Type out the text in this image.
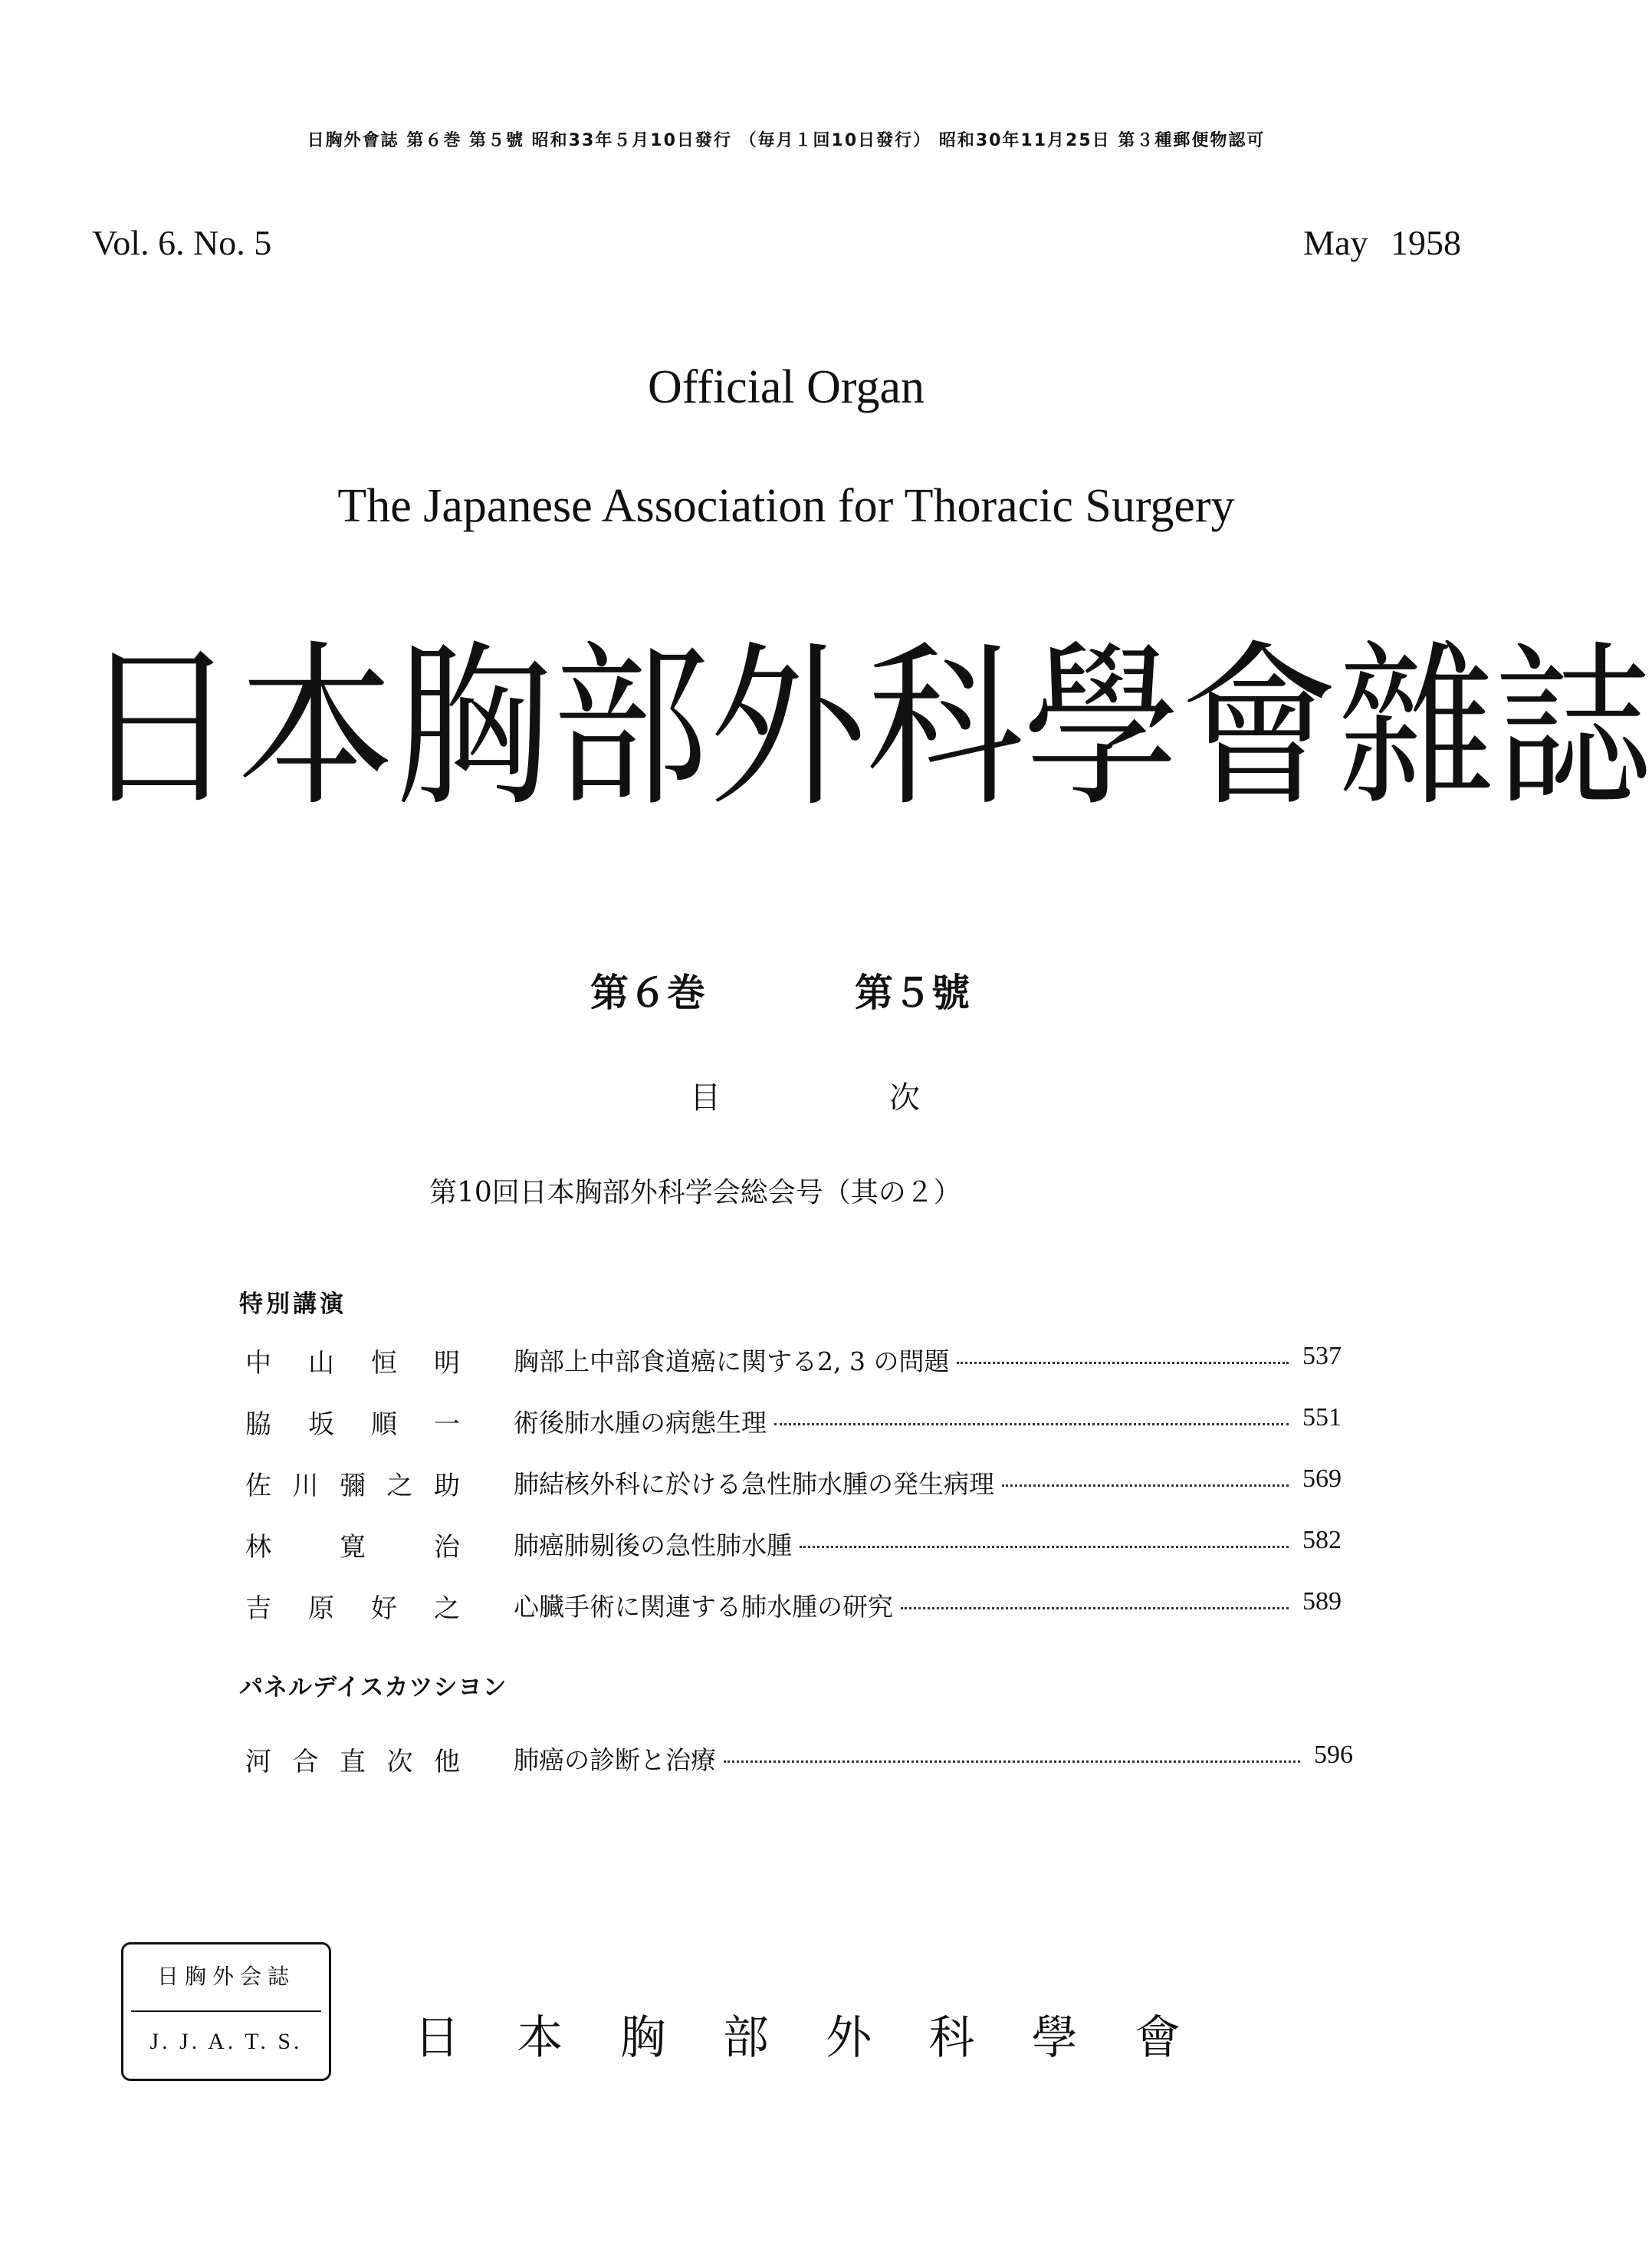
日胸外會誌 第６巻 第５號 昭和33年５月10日發行 （毎月１回10日發行） 昭和30年11月25日 第３種郵便物認可
Vol. 6. No. 5	May 1958
Official Organ
The Japanese Association for Thoracic Surgery
日 本 胸 部 外 科 學 會 雜 誌
第６巻	第５號
目	次
第10回日本胸部外科学会総会号（其の２）
特別講演
中 山 恒 明 胸部上中部食道癌に関する2, 3 の問題	537
脇 坂 順 一 術後肺水腫の病態生理	551
佐 川 彌 之 助 肺結核外科に於ける急性肺水腫の発生病理	569
林	寛	治 肺癌肺剔後の急性肺水腫	582
吉 原 好 之 心臓手術に関連する肺水腫の研究	589
パネルデイスカツシヨン
河 合 直 次 他 肺癌の診断と治療	596
日胸外会誌
J. J. A. T. S.	日 本 胸 部 外 科 學 會
